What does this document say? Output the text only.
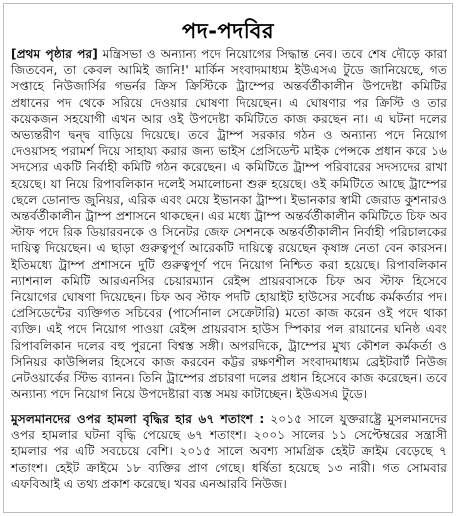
পদ-পদবির

[প্রথম পৃষ্ঠার পর] মন্ত্রিসভা ও অন্যান্য পদে নিয়োগের সিদ্ধান্ত নেব। তবে শেষ দৌড়ে কারা জিতবেন, তা কেবল আমিই জানি!' মার্কিন সংবাদমাধ্যম ইউএসএ টুডে জানিয়েছে, গত সপ্তাহে নিউজার্সির গভর্নর ক্রিস ক্রিস্টিকে ট্রাম্পের অন্তর্বর্তীকালীন উপদেষ্টা কমিটির প্রধানের পদ থেকে সরিয়ে দেওয়ার ঘোষণা দিয়েছেন। এ ঘোষণার পর ক্রিস্টি ও তার কয়েকজন সহযোগী এখন আর ওই উপদেষ্টা কমিটিতে কাজ করছেন না। এ ঘটনা দলের অভ্যন্তরীণ দ্বন্দ্ব বাড়িয়ে দিয়েছে। তবে ট্রাম্প সরকার গঠন ও অন্যান্য পদে নিয়োগ দেওয়াসহ পরামর্শ দিয়ে সাহায্য করার জন্য ভাইস প্রেসিডেন্ট মাইক পেন্সকে প্রধান করে ১৬ সদস্যের একটি নির্বাহী কমিটি গঠন করেছেন। এ কমিটিতে ট্রাম্প পরিবারের সদস্যদের রাখা হয়েছে। যা নিয়ে রিপাবলিকান দলেই সমালোচনা শুরু হয়েছে। ওই কমিটিতে আছে ট্রাম্পের ছেলে ডোনাল্ড জুনিয়র, এরিক এবং মেয়ে ইভানকা ট্রাম্প। ইভানকার স্বামী জেরাড কুশনারও অন্তর্বর্তীকালীন ট্রাম্প প্রশাসনে থাকছেন। এর মধ্যে ট্রাম্প অন্তর্বর্তীকালীন কমিটিতে চিফ অব স্টাফ পদে রিক ডিয়ারবনকে ও সিনেটর জেফ সেশনকে অন্তর্বর্তীকালীন নির্বাহী পরিচালকের দায়িত্ব দিয়েছেন। এ ছাড়া গুরুত্বপূর্ণ আরেকটি দায়িত্বে রয়েছেন কৃষাঙ্গ নেতা বেন কারসন। ইতিমধ্যে ট্রাম্প প্রশাসনে দুটি গুরুত্বপূর্ণ পদে নিয়োগ নিশ্চিত করা হয়েছে। রিপাবলিকান ন্যাশনাল কমিটি আরএনসির চেয়ারম্যান রেইন্স প্রায়রবাসকে চিফ অব স্টাফ হিসেবে নিয়োগের ঘোষণা দিয়েছেন। চিফ অব স্টাফ পদটি হোয়াইট হাউসের সর্বোচ্চ কর্মকর্তার পদ। প্রেসিডেন্টের ব্যক্তিগত সচিবের (পার্সোনাল সেক্রেটারি) মতো কাজ করেন ওই পদে থাকা ব্যক্তি। এই পদে নিয়োগ পাওয়া রেইন্স প্রায়রবাস হাউস স্পিকার পল রায়ানের ঘনিষ্ঠ এবং রিপাবলিকান দলের বহু পুরনো বিশ্বস্ত সঙ্গী। অপরদিকে, ট্রাম্পের মুখ্য কৌশল কর্মকর্তা ও সিনিয়র কাউন্সিলর হিসেবে কাজ করবেন কট্টর রক্ষণশীল সংবাদমাধ্যম ব্রেইটবার্ট নিউজ নেটওয়ার্কের স্টিভ ব্যানন। তিনি ট্রাম্পের প্রচারণা দলের প্রধান হিসেবে কাজ করেছেন। তবে অন্যান্য পদে নিয়োগ নিয়ে উপদেষ্টারা ব্যস্ত সময় কাটাচ্ছেন। ইউএসএ টুডে।

মুসলমানদের ওপর হামলা বৃদ্ধির হার ৬৭ শতাংশ : ২০১৫ সালে যুক্তরাষ্ট্রে মুসলমানদের ওপর হামলার ঘটনা বৃদ্ধি পেয়েছে ৬৭ শতাংশ। ২০০১ সালের ১১ সেপ্টেম্বরের সন্ত্রাসী হামলার পর এটি সবচেয়ে বেশি। ২০১৫ সালে অবশ্য সামগ্রিক হেইট ক্রাইম বেড়েছে ৭ শতাংশ। হেইট ক্রাইমে ১৮ ব্যক্তির প্রাণ গেছে। ধর্ষিতা হয়েছে ১৩ নারী। গত সোমবার এফবিআই এ তথ্য প্রকাশ করেছে। খবর এনআরবি নিউজ।
